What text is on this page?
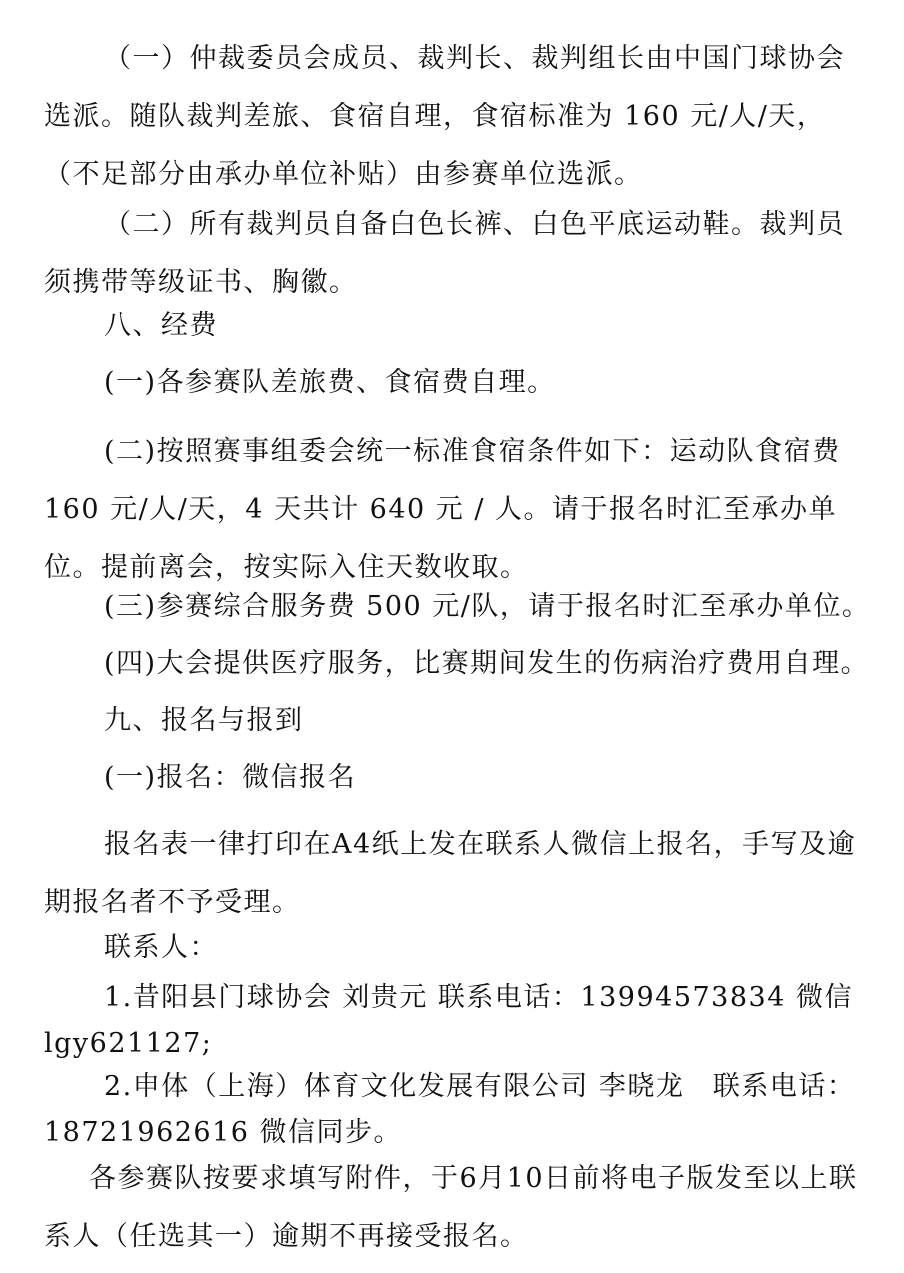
（一）仲裁委员会成员、裁判长、裁判组长由中国门球协会选派。随队裁判差旅、食宿自理，食宿标准为 160 元/人/天，（不足部分由承办单位补贴）由参赛单位选派。
（二）所有裁判员自备白色长裤、白色平底运动鞋。裁判员须携带等级证书、胸徽。
八、经费
(一)各参赛队差旅费、食宿费自理。
(二)按照赛事组委会统一标准食宿条件如下：运动队食宿费 160 元/人/天，4 天共计 640 元 / 人。请于报名时汇至承办单位。提前离会，按实际入住天数收取。
(三)参赛综合服务费 500 元/队，请于报名时汇至承办单位。
(四)大会提供医疗服务，比赛期间发生的伤病治疗费用自理。
九、报名与报到
(一)报名：微信报名
报名表一律打印在A4纸上发在联系人微信上报名，手写及逾期报名者不予受理。
联系人：
1.昔阳县门球协会 刘贵元 联系电话：13994573834 微信 lgy621127;
2.申体（上海）体育文化发展有限公司 李晓龙　联系电话：18721962616 微信同步。
各参赛队按要求填写附件，于6月10日前将电子版发至以上联系人（任选其一）逾期不再接受报名。
